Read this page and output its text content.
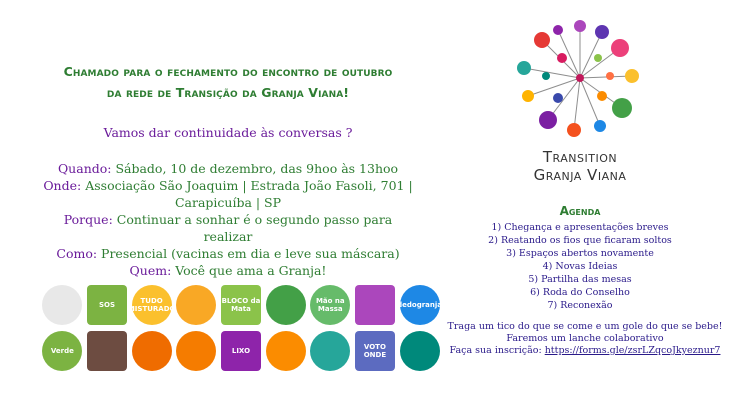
Chamado para o fechamento do encontro de outubro
da rede de Transição da Granja Viana!
Vamos dar continuidade às conversas ?
Quando: Sábado, 10 de dezembro, das 9hoo às 13hoo
Onde: Associação São Joaquim | Estrada João Fasoli, 701 |
Carapicuíba | SP
Porque: Continuar a sonhar é o segundo passo para
realizar
Como: Presencial (vacinas em dia e leve sua máscara)
Quem: Você que ama a Granja!
SOS	TUDO MISTURADO
BLOCO da Mata
Mão na Massa	dedogranja
Verde	LIXO	VOTO ONDE
Transition
Granja Viana
Agenda
1) Chegança e apresentações breves
2) Reatando os fios que ficaram soltos
3) Espaços abertos novamente
4) Novas Ideias
5) Partilha das mesas
6) Roda do Conselho
7) Reconexão
Traga um tico do que se come e um gole do que se bebe!
Faremos um lanche colaborativo
Faça sua inscrição: https://forms.gle/zsrLZqcoJkyeznur7
